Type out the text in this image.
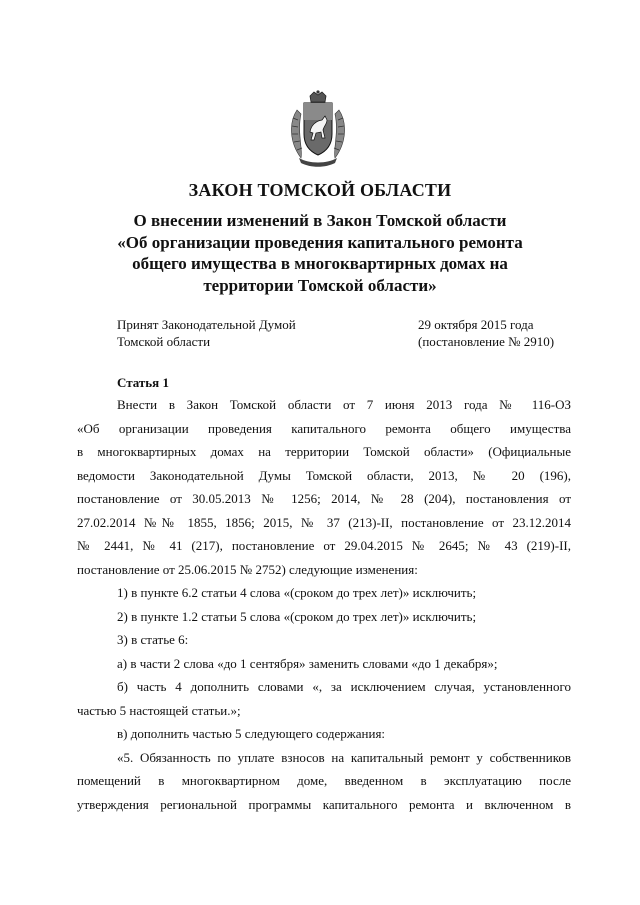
ЗАКОН ТОМСКОЙ ОБЛАСТИ
О внесении изменений в Закон Томской области
«Об организации проведения капитального ремонта
общего имущества в многоквартирных домах на
территории Томской области»
Принят Законодательной Думой
Томской области
29 октября 2015 года
(постановление № 2910)
Статья 1
Внести в Закон Томской области от 7 июня 2013 года № 116-ОЗ
«Об организации проведения капитального ремонта общего имущества
в многоквартирных домах на территории Томской области» (Официальные
ведомости Законодательной Думы Томской области, 2013, № 20 (196),
постановление от 30.05.2013 № 1256; 2014, № 28 (204), постановления от
27.02.2014 №№ 1855, 1856; 2015, № 37 (213)-II, постановление от 23.12.2014
№ 2441, № 41 (217), постановление от 29.04.2015 № 2645; № 43 (219)-II,
постановление от 25.06.2015 № 2752) следующие изменения:
1) в пункте 6.2 статьи 4 слова «(сроком до трех лет)» исключить;
2) в пункте 1.2 статьи 5 слова «(сроком до трех лет)» исключить;
3) в статье 6:
а) в части 2 слова «до 1 сентября» заменить словами «до 1 декабря»;
б) часть 4 дополнить словами «, за исключением случая, установленного
частью 5 настоящей статьи.»;
в) дополнить частью 5 следующего содержания:
«5. Обязанность по уплате взносов на капитальный ремонт у собственников
помещений в многоквартирном доме, введенном в эксплуатацию после
утверждения региональной программы капитального ремонта и включенном в
